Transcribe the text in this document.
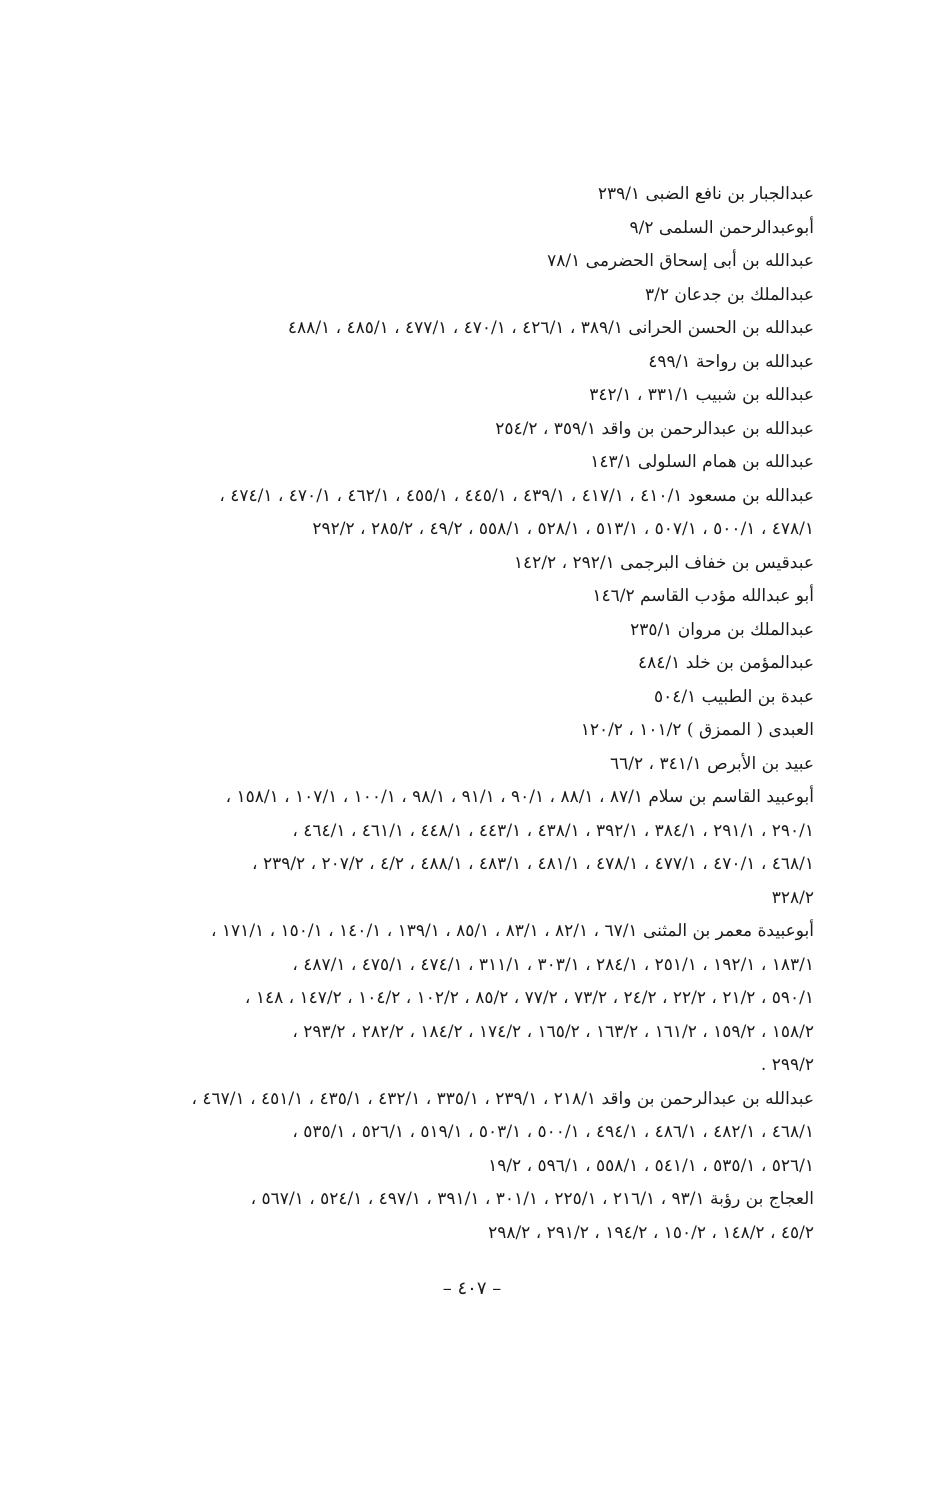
عبدالجبار بن نافع الضبى ٢٣٩/١
أبوعبدالرحمن السلمى ٩/٢
عبدالله بن أبى إسحاق الحضرمى ٧٨/١
عبدالملك بن جدعان ٣/٢
عبدالله بن الحسن الحرانى ٣٨٩/١ ، ٤٢٦/١ ، ٤٧٠/١ ، ٤٧٧/١ ، ٤٨٥/١ ، ٤٨٨/١
عبدالله بن رواحة ٤٩٩/١
عبدالله بن شبيب ٣٣١/١ ، ٣٤٢/١
عبدالله بن عبدالرحمن بن واقد ٣٥٩/١ ، ٢٥٤/٢
عبدالله بن همام السلولى ١٤٣/١
عبدالله بن مسعود ٤١٠/١ ، ٤١٧/١ ، ٤٣٩/١ ، ٤٤٥/١ ، ٤٥٥/١ ، ٤٦٢/١ ، ٤٧٠/١ ، ٤٧٤/١ ،
٤٧٨/١ ، ٥٠٠/١ ، ٥٠٧/١ ، ٥١٣/١ ، ٥٢٨/١ ، ٥٥٨/١ ، ٤٩/٢ ، ٢٨٥/٢ ، ٢٩٢/٢
عبدقيس بن خفاف البرجمى ٢٩٢/١ ، ١٤٢/٢
أبو عبدالله مؤدب القاسم ١٤٦/٢
عبدالملك بن مروان ٢٣٥/١
عبدالمؤمن بن خلد ٤٨٤/١
عبدة بن الطبيب ٥٠٤/١
العبدى ( الممزق ) ١٠١/٢ ، ١٢٠/٢
عبيد بن الأبرص ٣٤١/١ ، ٦٦/٢
أبوعبيد القاسم بن سلام ٨٧/١ ، ٨٨/١ ، ٩٠/١ ، ٩١/١ ، ٩٨/١ ، ١٠٠/١ ، ١٠٧/١ ، ١٥٨/١ ،
٢٩٠/١ ، ٢٩١/١ ، ٣٨٤/١ ، ٣٩٢/١ ، ٤٣٨/١ ، ٤٤٣/١ ، ٤٤٨/١ ، ٤٦١/١ ، ٤٦٤/١ ،
٤٦٨/١ ، ٤٧٠/١ ، ٤٧٧/١ ، ٤٧٨/١ ، ٤٨١/١ ، ٤٨٣/١ ، ٤٨٨/١ ، ٤/٢ ، ٢٠٧/٢ ، ٢٣٩/٢ ،
٣٢٨/٢
أبوعبيدة معمر بن المثنى ٦٧/١ ، ٨٢/١ ، ٨٣/١ ، ٨٥/١ ، ١٣٩/١ ، ١٤٠/١ ، ١٥٠/١ ، ١٧١/١ ،
١٨٣/١ ، ١٩٢/١ ، ٢٥١/١ ، ٢٨٤/١ ، ٣٠٣/١ ، ٣١١/١ ، ٤٧٤/١ ، ٤٧٥/١ ، ٤٨٧/١ ،
٥٩٠/١ ، ٢١/٢ ، ٢٢/٢ ، ٢٤/٢ ، ٧٣/٢ ، ٧٧/٢ ، ٨٥/٢ ، ١٠٢/٢ ، ١٠٤/٢ ، ١٤٧/٢ ، ١٤٨ ،
١٥٨/٢ ، ١٥٩/٢ ، ١٦١/٢ ، ١٦٣/٢ ، ١٦٥/٢ ، ١٧٤/٢ ، ١٨٤/٢ ، ٢٨٢/٢ ، ٢٩٣/٢ ،
٢٩٩/٢ .
عبدالله بن عبدالرحمن بن واقد ٢١٨/١ ، ٢٣٩/١ ، ٣٣٥/١ ، ٤٣٢/١ ، ٤٣٥/١ ، ٤٥١/١ ، ٤٦٧/١ ،
٤٦٨/١ ، ٤٨٢/١ ، ٤٨٦/١ ، ٤٩٤/١ ، ٥٠٠/١ ، ٥٠٣/١ ، ٥١٩/١ ، ٥٢٦/١ ، ٥٣٥/١ ،
٥٢٦/١ ، ٥٣٥/١ ، ٥٤١/١ ، ٥٥٨/١ ، ٥٩٦/١ ، ١٩/٢
العجاج بن رؤبة ٩٣/١ ، ٢١٦/١ ، ٢٢٥/١ ، ٣٠١/١ ، ٣٩١/١ ، ٤٩٧/١ ، ٥٢٤/١ ، ٥٦٧/١ ،
٤٥/٢ ، ١٤٨/٢ ، ١٥٠/٢ ، ١٩٤/٢ ، ٢٩١/٢ ، ٢٩٨/٢
– ٤٠٧ –
